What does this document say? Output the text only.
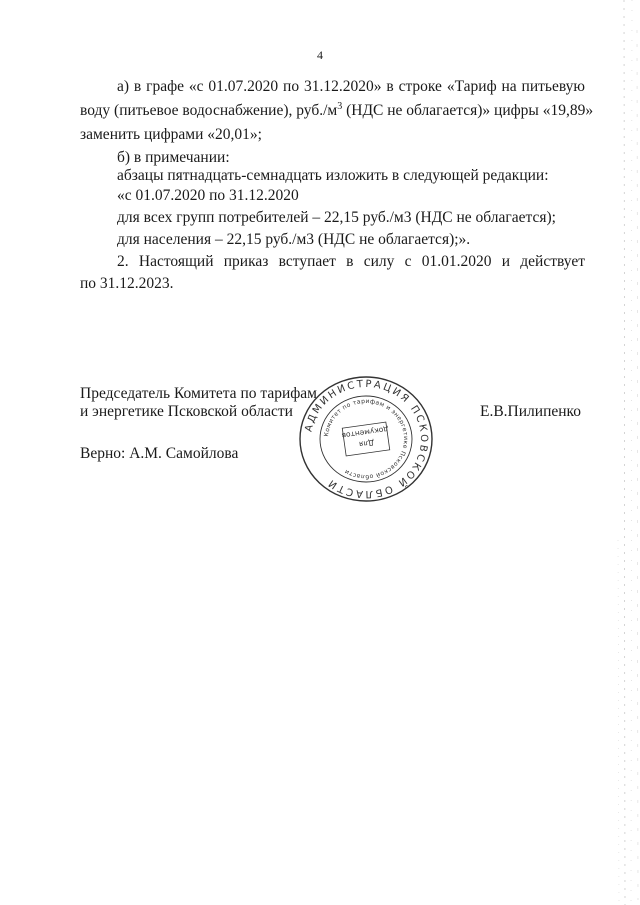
4
а) в графе «с 01.07.2020 по 31.12.2020» в строке «Тариф на питьевую
воду (питьевое водоснабжение), $руб./м^3$ (НДС не облагается)» цифры «19,89»
заменить цифрами «20,01»;
б) в примечании:
абзацы пятнадцать-семнадцать изложить в следующей редакции:
«с 01.07.2020 по 31.12.2020
для всех групп потребителей – 22,15 руб./м3 (НДС не облагается);
для населения – 22,15 руб./м3 (НДС не облагается);».
2. Настоящий приказ вступает в силу с 01.01.2020 и действует
по 31.12.2023.
Председатель Комитета по тарифам
и энергетике Псковской области	Е.В.Пилипенко
Верно: А.М. Самойлова
АДМИНИСТРАЦИЯ ПСКОВСКОЙ ОБЛАСТИ
Комитет по тарифам и энергетике Псковской области
Для
документов
